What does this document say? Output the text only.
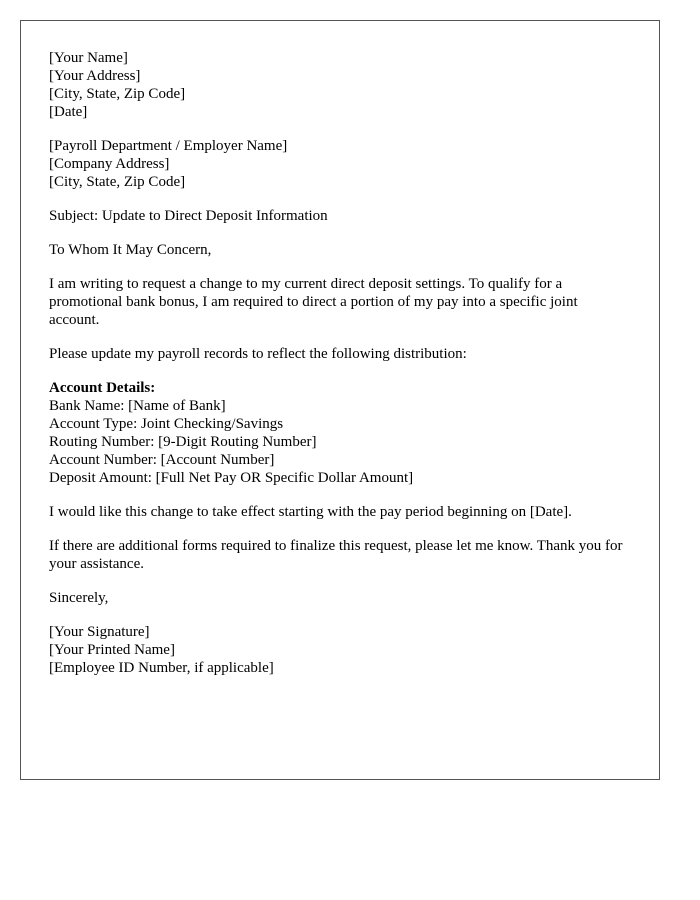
[Your Name]
[Your Address]
[City, State, Zip Code]
[Date]
[Payroll Department / Employer Name]
[Company Address]
[City, State, Zip Code]
Subject: Update to Direct Deposit Information
To Whom It May Concern,
I am writing to request a change to my current direct deposit settings. To qualify for a promotional bank bonus, I am required to direct a portion of my pay into a specific joint account.
Please update my payroll records to reflect the following distribution:
Account Details:
Bank Name: [Name of Bank]
Account Type: Joint Checking/Savings
Routing Number: [9-Digit Routing Number]
Account Number: [Account Number]
Deposit Amount: [Full Net Pay OR Specific Dollar Amount]
I would like this change to take effect starting with the pay period beginning on [Date].
If there are additional forms required to finalize this request, please let me know. Thank you for your assistance.
Sincerely,
[Your Signature]
[Your Printed Name]
[Employee ID Number, if applicable]
